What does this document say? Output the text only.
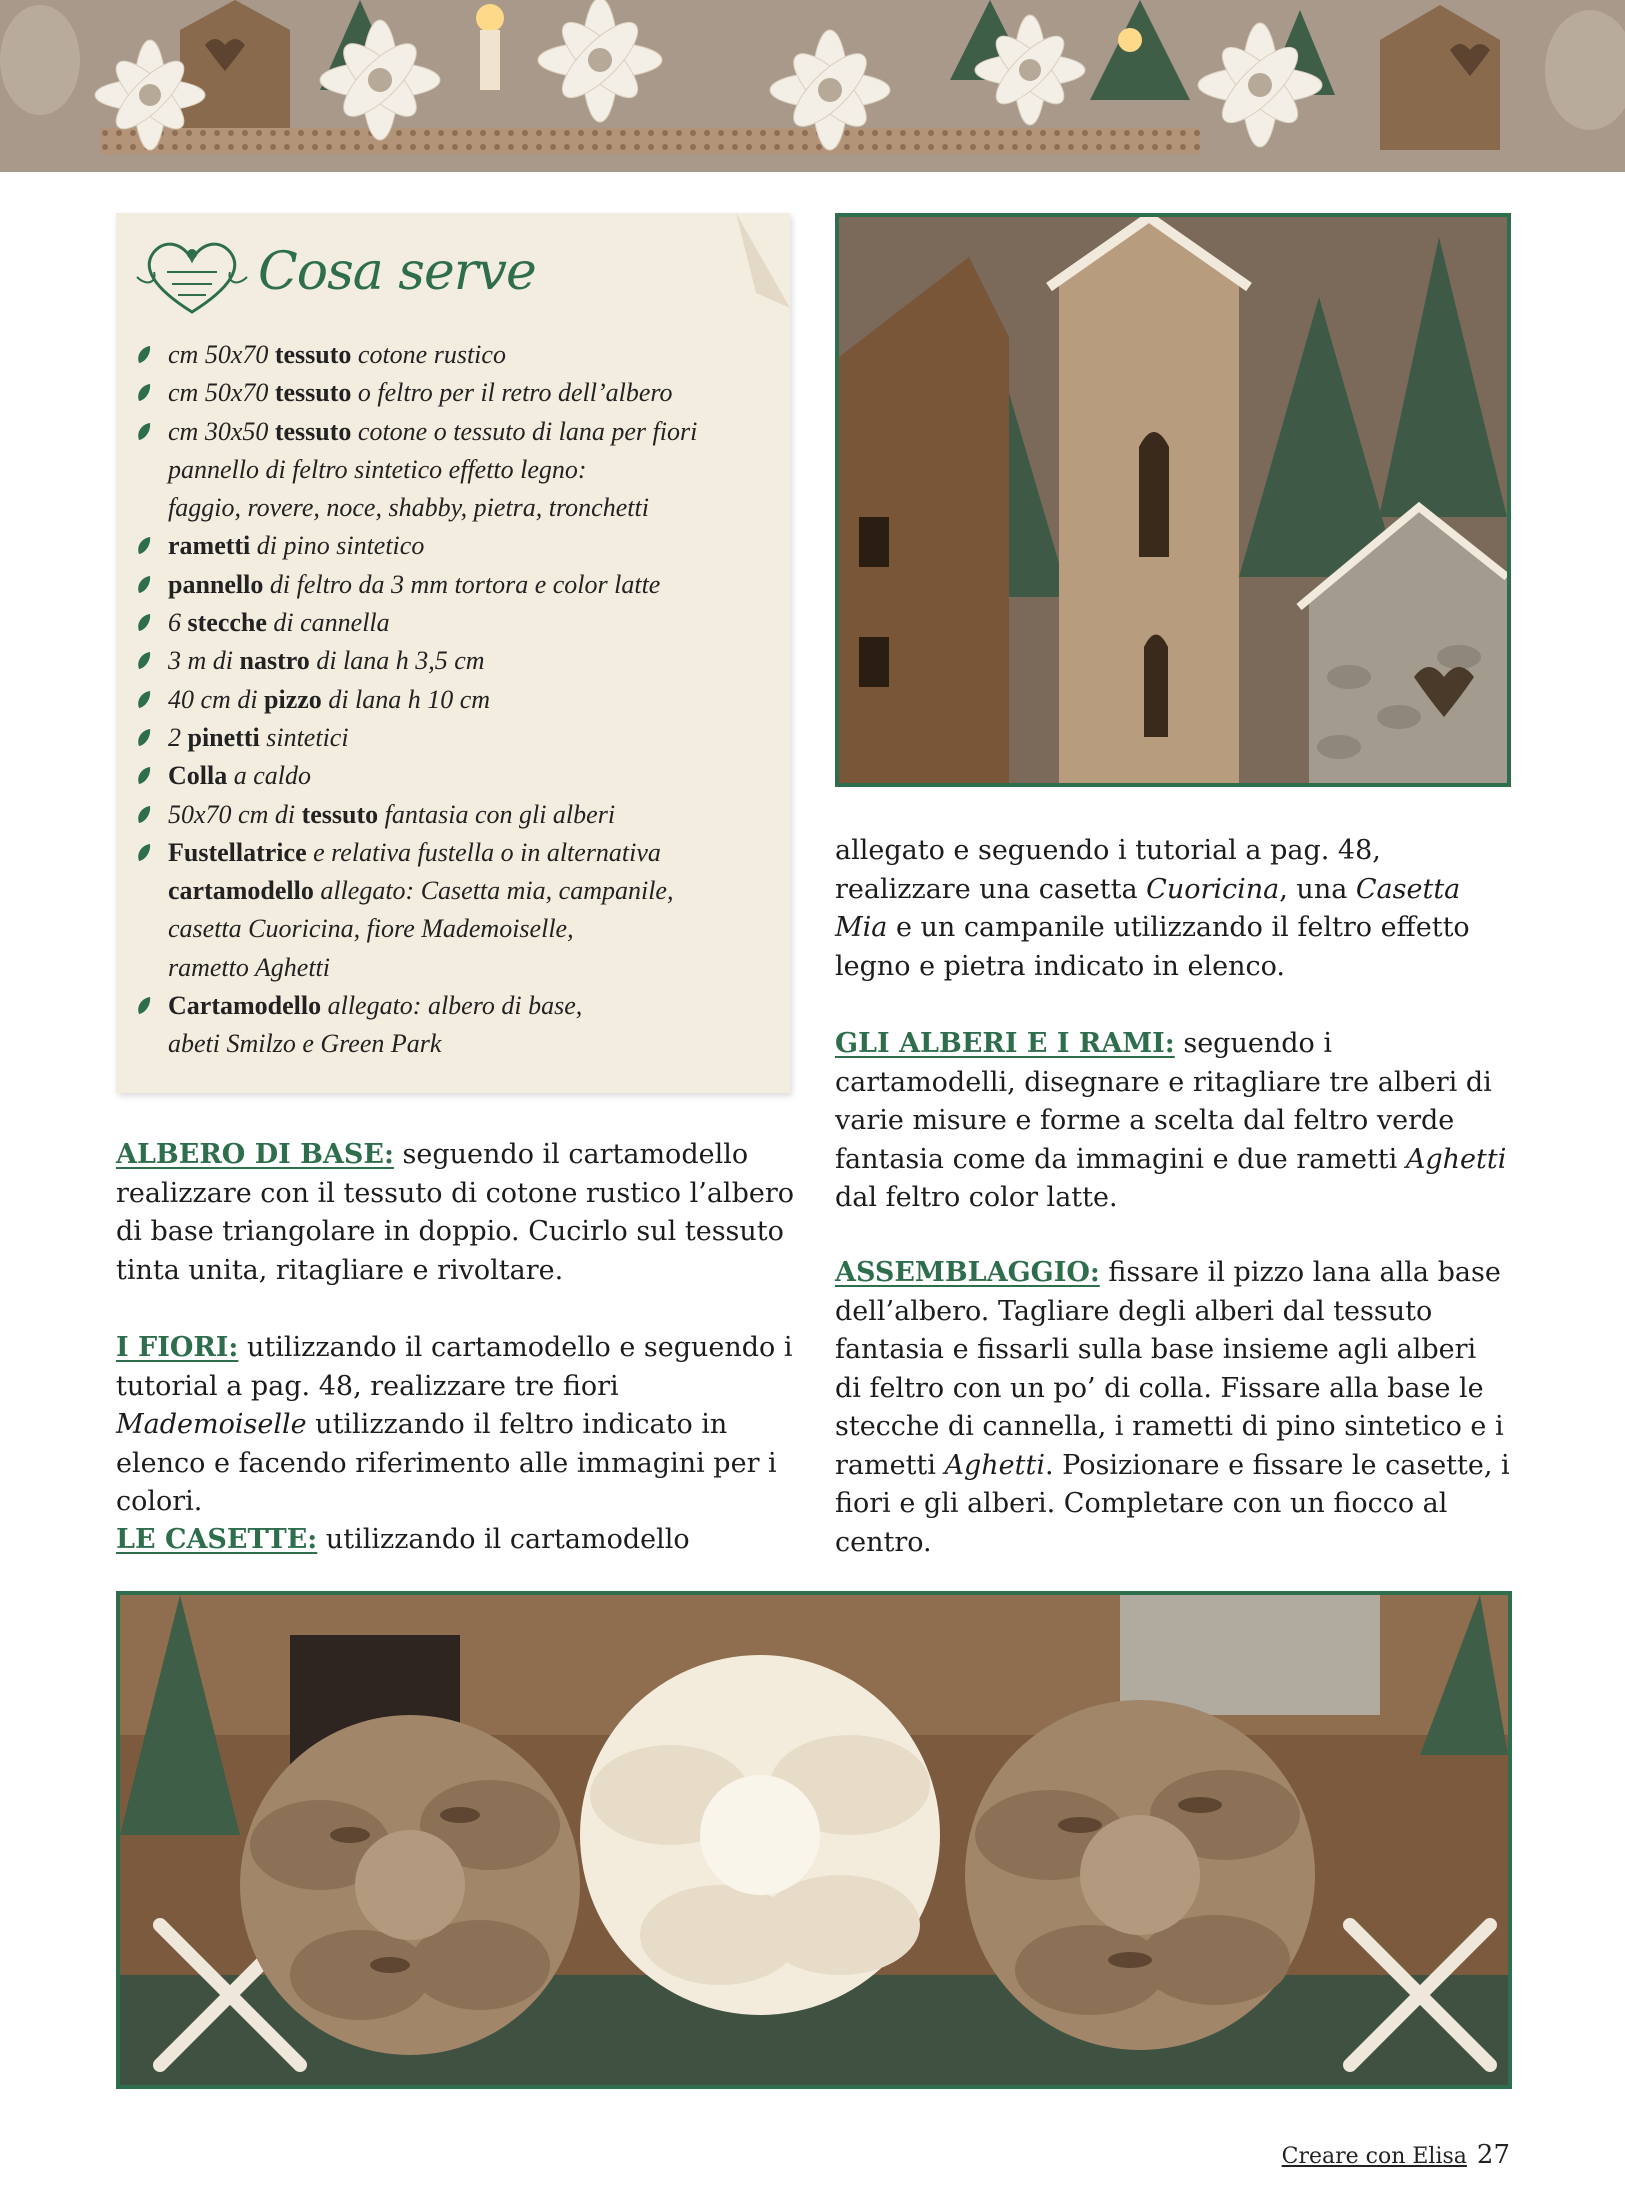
Cosa serve
cm 50x70 tessuto cotone rustico
cm 50x70 tessuto o feltro per il retro dell’albero
cm 30x50 tessuto cotone o tessuto di lana per fiori
pannello di feltro sintetico effetto legno:
faggio, rovere, noce, shabby, pietra, tronchetti
rametti di pino sintetico
pannello di feltro da 3 mm tortora e color latte
6 stecche di cannella
3 m di nastro di lana h 3,5 cm
40 cm di pizzo di lana h 10 cm
2 pinetti sintetici
Colla a caldo
50x70 cm di tessuto fantasia con gli alberi
Fustellatrice e relativa fustella o in alternativa
cartamodello allegato: Casetta mia, campanile,
casetta Cuoricina, fiore Mademoiselle,
rametto Aghetti
Cartamodello allegato: albero di base,
abeti Smilzo e Green Park

ALBERO DI BASE: seguendo il cartamodello realizzare con il tessuto di cotone rustico l’albero di base triangolare in doppio. Cucirlo sul tessuto tinta unita, ritagliare e rivoltare.

I FIORI: utilizzando il cartamodello e seguendo i tutorial a pag. 48, realizzare tre fiori Mademoiselle utilizzando il feltro indicato in elenco e facendo riferimento alle immagini per i colori.

LE CASETTE: utilizzando il cartamodello

allegato e seguendo i tutorial a pag. 48, realizzare una casetta Cuoricina, una Casetta Mia e un campanile utilizzando il feltro effetto legno e pietra indicato in elenco.

GLI ALBERI E I RAMI: seguendo i cartamodelli, disegnare e ritagliare tre alberi di varie misure e forme a scelta dal feltro verde fantasia come da immagini e due rametti Aghetti dal feltro color latte.

ASSEMBLAGGIO: fissare il pizzo lana alla base dell’albero. Tagliare degli alberi dal tessuto fantasia e fissarli sulla base insieme agli alberi di feltro con un po’ di colla. Fissare alla base le stecche di cannella, i rametti di pino sintetico e i rametti Aghetti. Posizionare e fissare le casette, i fiori e gli alberi. Completare con un fiocco al centro.

Creare con Elisa 27
